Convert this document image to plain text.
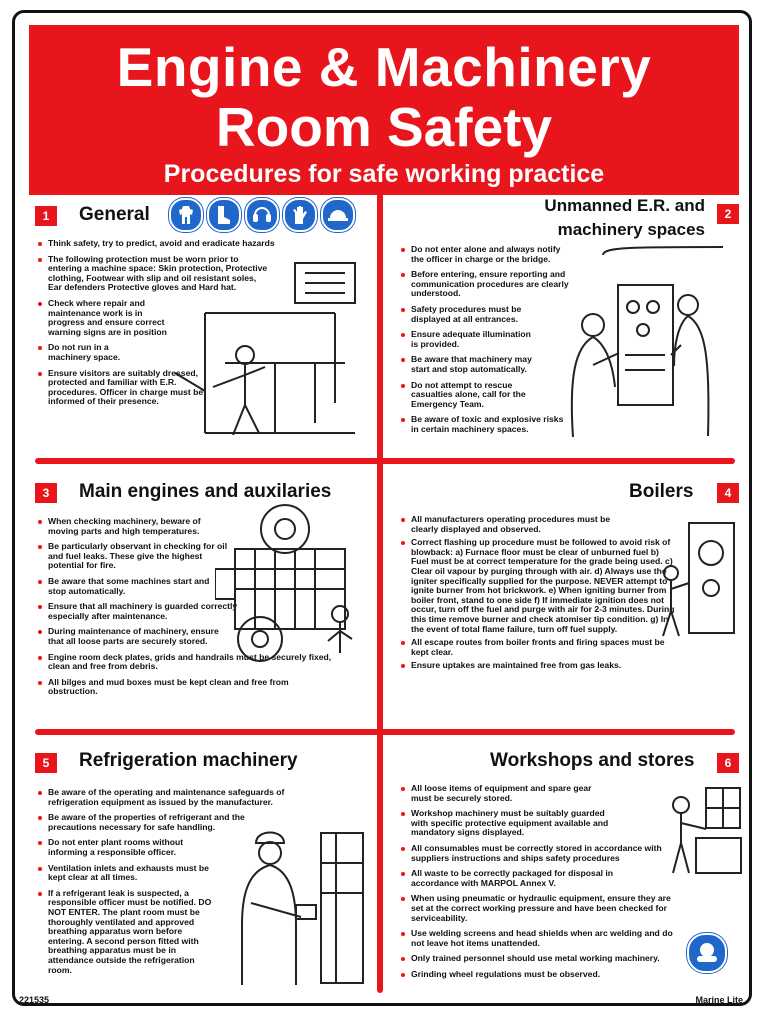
Engine & Machinery
Room Safety
Procedures for safe working practice
1	General
Think safety, try to predict, avoid and eradicate hazards
The following protection must be worn prior to entering a machine space: Skin protection, Protective clothing, Footwear with slip and oil resistant soles, Ear defenders Protective gloves and Hard hat.
Check where repair and maintenance work is in progress and ensure correct warning signs are in position
Do not run in a machinery space.
Ensure visitors are suitably dressed, protected and familiar with E.R. procedures. Officer in charge must be informed of their presence.
Unmanned E.R. and machinery spaces
2
Do not enter alone and always notify the officer in charge or the bridge.
Before entering, ensure reporting and communication procedures are clearly understood.
Safety procedures must be displayed at all entrances.
Ensure adequate illumination is provided.
Be aware that machinery may start and stop automatically.
Do not attempt to rescue casualties alone, call for the Emergency Team.
Be aware of toxic and explosive risks in certain machinery spaces.
3	Main engines and auxilaries
When checking machinery, beware of moving parts and high temperatures.
Be particularly observant in checking for oil and fuel leaks. These give the highest potential for fire.
Be aware that some machines start and stop automatically.
Ensure that all machinery is guarded correctly especially after maintenance.
During maintenance of machinery, ensure that all loose parts are securely stored.
Engine room deck plates, grids and handrails must be securely fixed, clean and free from debris.
All bilges and mud boxes must be kept clean and free from obstruction.
Boilers	4
All manufacturers operating procedures must be clearly displayed and observed.
Correct flashing up procedure must be followed to avoid risk of blowback: a) Furnace floor must be clear of unburned fuel b) Fuel must be at correct temperature for the grade being used. c) Clear oil vapour by purging through with air. d) Always use the igniter specifically supplied for the purpose. NEVER attempt to ignite burner from hot brickwork. e) When igniting burner from boiler front, stand to one side f) If immediate ignition does not occur, turn off the fuel and purge with air for 2-3 minutes. During this time remove burner and check atomiser tip condition. g) In the event of total flame failure, turn off fuel supply.
All escape routes from boiler fronts and firing spaces must be kept clear.
Ensure uptakes are maintained free from gas leaks.
5	Refrigeration machinery
Be aware of the operating and maintenance safeguards of refrigeration equipment as issued by the manufacturer.
Be aware of the properties of refrigerant and the precautions necessary for safe handling.
Do not enter plant rooms without informing a responsible officer.
Ventilation inlets and exhausts must be kept clear at all times.
If a refrigerant leak is suspected, a responsible officer must be notified. DO NOT ENTER. The plant room must be thoroughly ventilated and approved breathing apparatus worn before entering. A second person fitted with breathing apparatus must be in attendance outside the refrigeration room.
Workshops and stores	6
All loose items of equipment and spare gear must be securely stored.
Workshop machinery must be suitably guarded with specific protective equipment available and mandatory signs displayed.
All consumables must be correctly stored in accordance with suppliers instructions and ships safety procedures
All waste to be correctly packaged for disposal in accordance with MARPOL Annex V.
When using pneumatic or hydraulic equipment, ensure they are set at the correct working pressure and have been checked for serviceability.
Use welding screens and head shields when arc welding and do not leave hot items unattended.
Only trained personnel should use metal working machinery.
Grinding wheel regulations must be observed.
221535	Marine Lite
